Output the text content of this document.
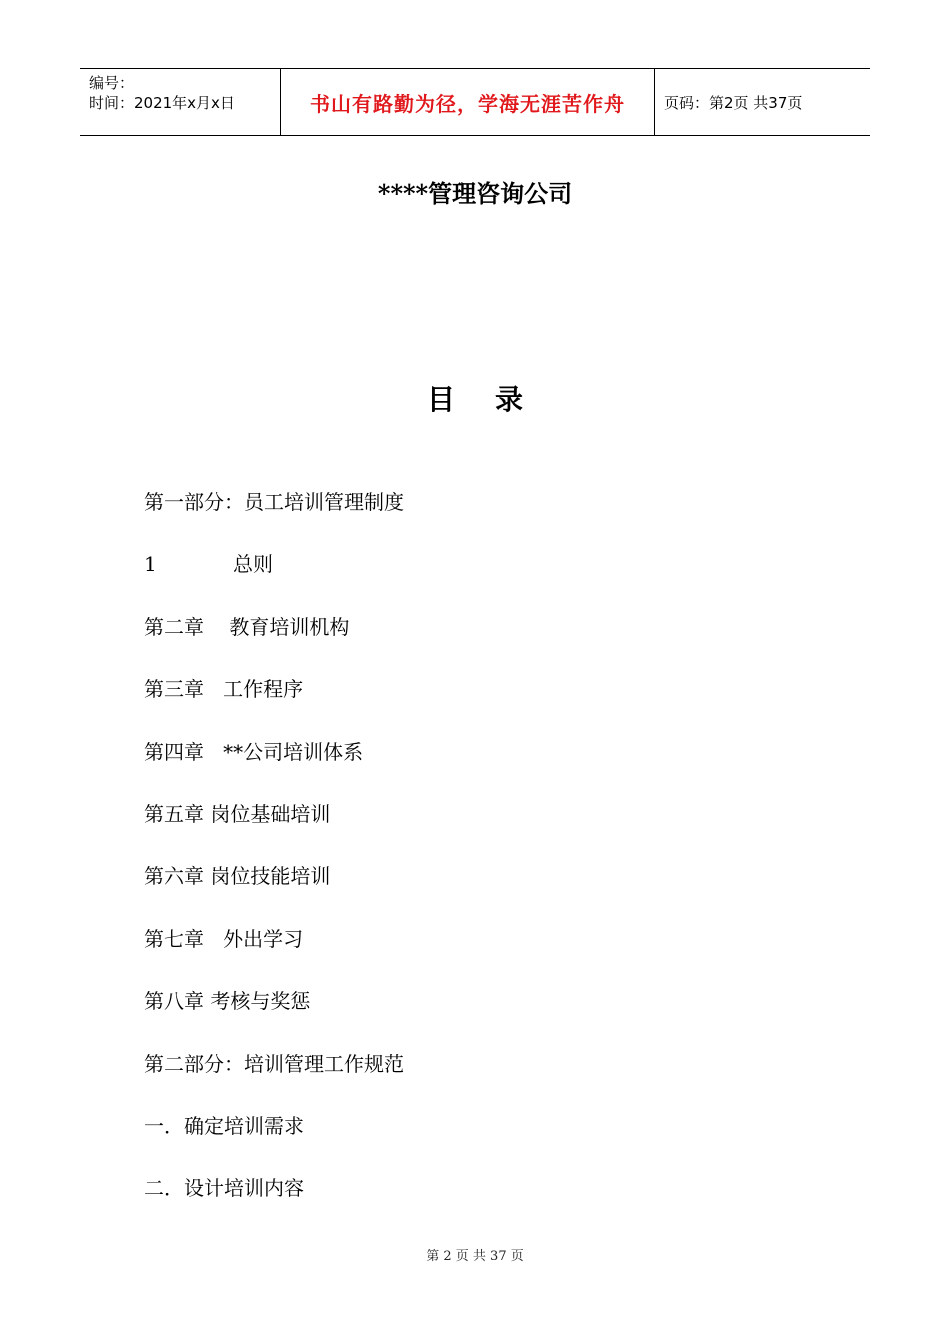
编号：
时间：2021年x月x日	书山有路勤为径，学海无涯苦作舟	页码：第2页 共37页
****管理咨询公司
目录
第一部分：员工培训管理制度
1            总则
第二章    教育培训机构
第三章   工作程序
第四章   **公司培训体系
第五章 岗位基础培训
第六章 岗位技能培训
第七章   外出学习
第八章 考核与奖惩
第二部分：培训管理工作规范
一．确定培训需求
二．设计培训内容
第 2 页 共 37 页
